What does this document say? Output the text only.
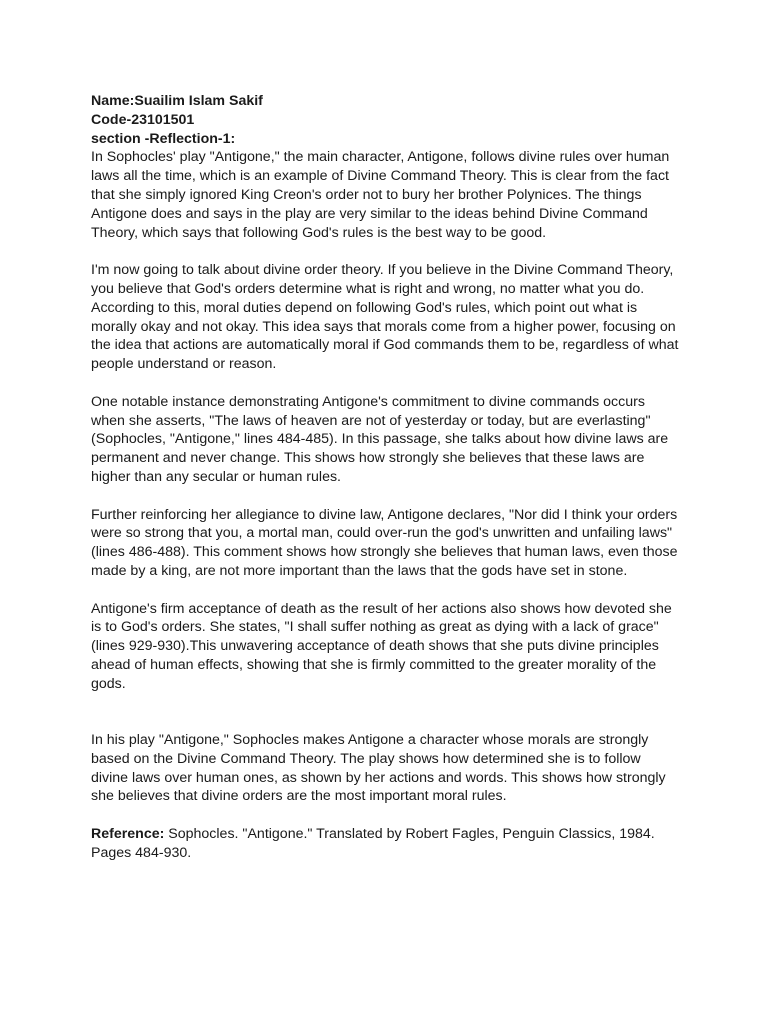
Name:Suailim Islam Sakif
Code-23101501
section -Reflection-1:

In Sophocles' play "Antigone," the main character, Antigone, follows divine rules over human laws all the time, which is an example of Divine Command Theory. This is clear from the fact that she simply ignored King Creon's order not to bury her brother Polynices. The things Antigone does and says in the play are very similar to the ideas behind Divine Command Theory, which says that following God's rules is the best way to be good.

I'm now going to talk about divine order theory. If you believe in the Divine Command Theory, you believe that God's orders determine what is right and wrong, no matter what you do. According to this, moral duties depend on following God's rules, which point out what is morally okay and not okay. This idea says that morals come from a higher power, focusing on the idea that actions are automatically moral if God commands them to be, regardless of what people understand or reason.

One notable instance demonstrating Antigone's commitment to divine commands occurs when she asserts, "The laws of heaven are not of yesterday or today, but are everlasting" (Sophocles, "Antigone," lines 484-485). In this passage, she talks about how divine laws are permanent and never change. This shows how strongly she believes that these laws are higher than any secular or human rules.

Further reinforcing her allegiance to divine law, Antigone declares, "Nor did I think your orders were so strong that you, a mortal man, could over-run the god's unwritten and unfailing laws" (lines 486-488). This comment shows how strongly she believes that human laws, even those made by a king, are not more important than the laws that the gods have set in stone.

Antigone's firm acceptance of death as the result of her actions also shows how devoted she is to God's orders. She states, "I shall suffer nothing as great as dying with a lack of grace" (lines 929-930).This unwavering acceptance of death shows that she puts divine principles ahead of human effects, showing that she is firmly committed to the greater morality of the gods.

In his play "Antigone," Sophocles makes Antigone a character whose morals are strongly based on the Divine Command Theory. The play shows how determined she is to follow divine laws over human ones, as shown by her actions and words. This shows how strongly she believes that divine orders are the most important moral rules.

Reference: Sophocles. "Antigone." Translated by Robert Fagles, Penguin Classics, 1984. Pages 484-930.
